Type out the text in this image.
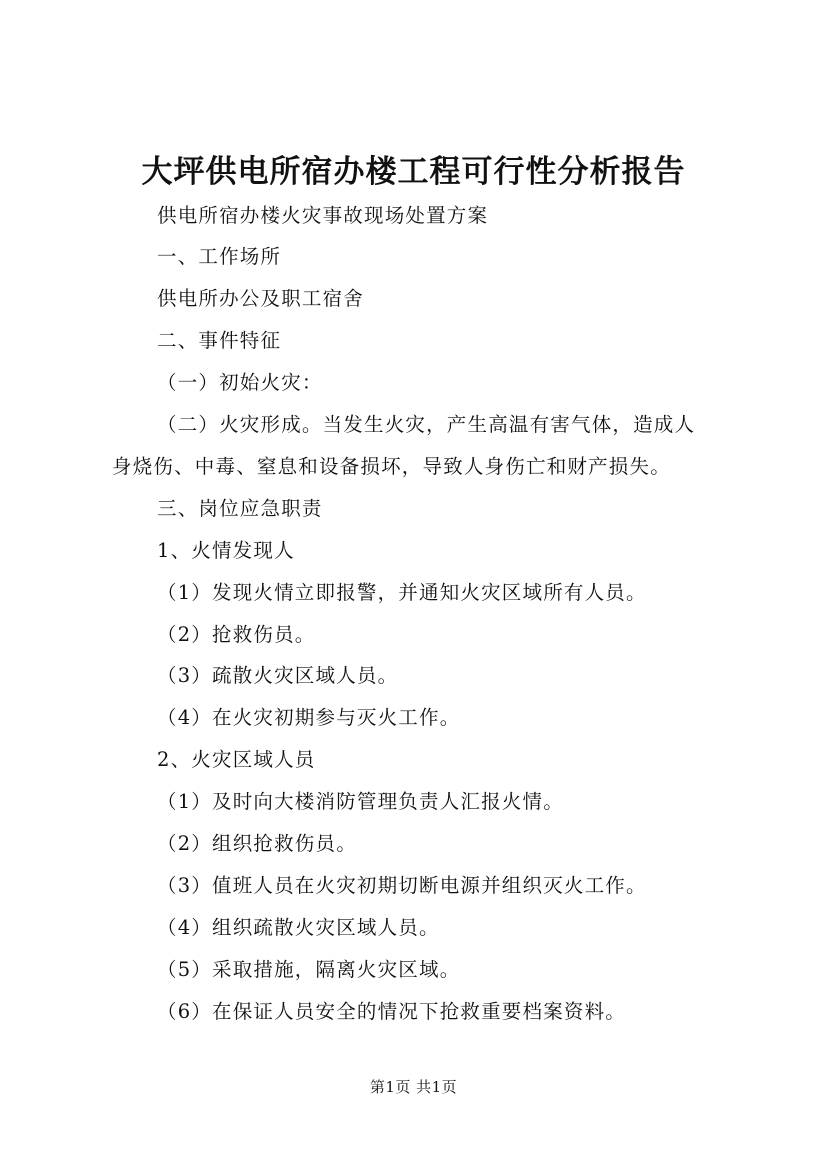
大坪供电所宿办楼工程可行性分析报告
供电所宿办楼火灾事故现场处置方案
一、工作场所
供电所办公及职工宿舍
二、事件特征
（一）初始火灾：
（二）火灾形成。当发生火灾，产生高温有害气体，造成人
身烧伤、中毒、窒息和设备损坏，导致人身伤亡和财产损失。
三、岗位应急职责
1、火情发现人
（1）发现火情立即报警，并通知火灾区域所有人员。
（2）抢救伤员。
（3）疏散火灾区域人员。
（4）在火灾初期参与灭火工作。
2、火灾区域人员
（1）及时向大楼消防管理负责人汇报火情。
（2）组织抢救伤员。
（3）值班人员在火灾初期切断电源并组织灭火工作。
（4）组织疏散火灾区域人员。
（5）采取措施，隔离火灾区域。
（6）在保证人员安全的情况下抢救重要档案资料。
第1页 共1页
